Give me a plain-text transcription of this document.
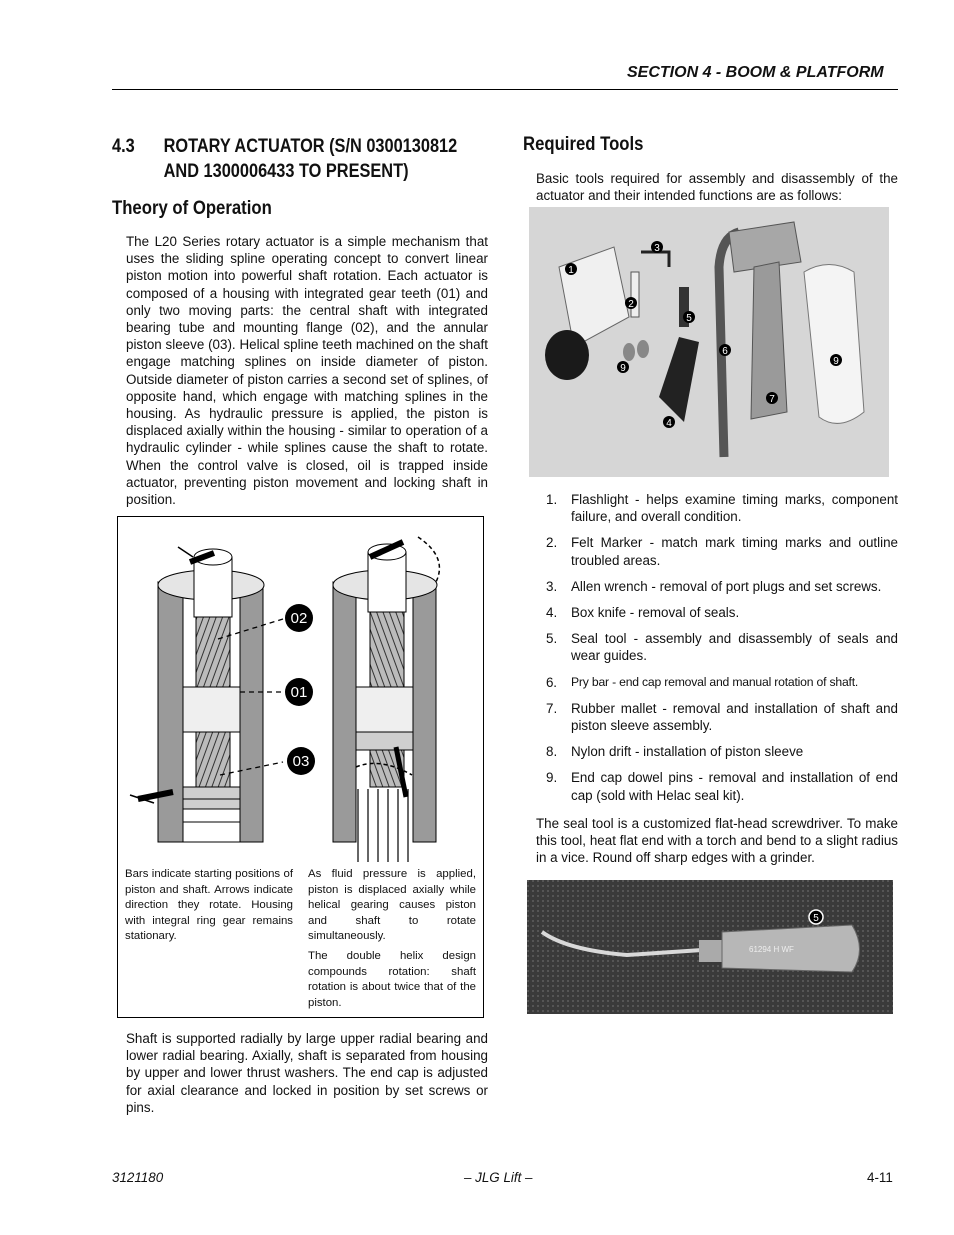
SECTION 4 - BOOM & PLATFORM
4.3 ROTARY ACTUATOR (S/N 0300130812
AND 1300006433 TO PRESENT)
Theory of Operation
The L20 Series rotary actuator is a simple mechanism that uses the sliding spline operating concept to convert linear piston motion into powerful shaft rotation. Each actuator is composed of a housing with integrated gear teeth (01) and only two moving parts: the central shaft with integrated bearing tube and mounting flange (02), and the annular piston sleeve (03). Helical spline teeth machined on the shaft engage matching splines on inside diameter of piston. Outside diameter of piston carries a second set of splines, of opposite hand, which engage with matching splines in the housing. As hydraulic pressure is applied, the piston is displaced axially within the housing - similar to operation of a hydraulic cylinder - while splines cause the shaft to rotate. When the control valve is closed, oil is trapped inside actuator, preventing piston movement and locking shaft in position.
02
01
03
Bars indicate starting positions of piston and shaft. Arrows indicate direction they rotate. Housing with integral ring gear remains stationary.
As fluid pressure is applied, piston is displaced axially while helical gearing causes piston and shaft to rotate simultaneously.
The double helix design compounds rotation: shaft rotation is about twice that of the piston.
Shaft is supported radially by large upper radial bearing and lower radial bearing. Axially, shaft is separated from housing by upper and lower thrust washers. The end cap is adjusted for axial clearance and locked in position by set screws or pins.
Required Tools
Basic tools required for assembly and disassembly of the actuator and their intended functions are as follows:
1
2
3
4
5
6
7
9
9
1. Flashlight - helps examine timing marks, component failure, and overall condition.
2. Felt Marker - match mark timing marks and outline troubled areas.
3. Allen wrench - removal of port plugs and set screws.
4. Box knife - removal of seals.
5. Seal tool - assembly and disassembly of seals and wear guides.
6. Pry bar - end cap removal and manual rotation of shaft.
7. Rubber mallet - removal and installation of shaft and piston sleeve assembly.
8. Nylon drift - installation of piston sleeve
9. End cap dowel pins - removal and installation of end cap (sold with Helac seal kit).
The seal tool is a customized flat-head screwdriver. To make this tool, heat flat end with a torch and bend to a slight radius in a vice. Round off sharp edges with a grinder.
61294 H WF
5
3121180	– JLG Lift –	4-11
